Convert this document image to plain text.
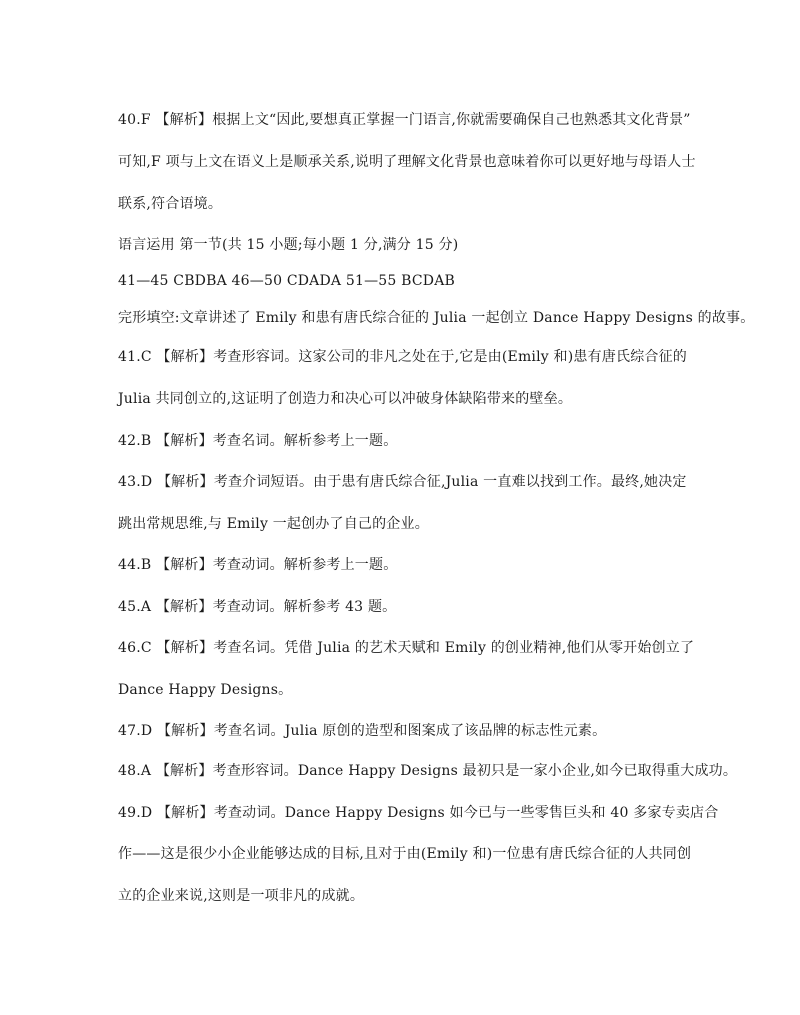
40.F 【解析】根据上文“因此,要想真正掌握一门语言,你就需要确保自己也熟悉其文化背景”
可知,F 项与上文在语义上是顺承关系,说明了理解文化背景也意味着你可以更好地与母语人士
联系,符合语境。
语言运用 第一节(共 15 小题;每小题 1 分,满分 15 分)
41—45 CBDBA 46—50 CDADA 51—55 BCDAB
完形填空:文章讲述了 Emily 和患有唐氏综合征的 Julia 一起创立 Dance Happy Designs 的故事。
41.C 【解析】考查形容词。这家公司的非凡之处在于,它是由(Emily 和)患有唐氏综合征的
Julia 共同创立的,这证明了创造力和决心可以冲破身体缺陷带来的壁垒。
42.B 【解析】考查名词。解析参考上一题。
43.D 【解析】考查介词短语。由于患有唐氏综合征,Julia 一直难以找到工作。最终,她决定
跳出常规思维,与 Emily 一起创办了自己的企业。
44.B 【解析】考查动词。解析参考上一题。
45.A 【解析】考查动词。解析参考 43 题。
46.C 【解析】考查名词。凭借 Julia 的艺术天赋和 Emily 的创业精神,他们从零开始创立了
Dance Happy Designs。
47.D 【解析】考查名词。Julia 原创的造型和图案成了该品牌的标志性元素。
48.A 【解析】考查形容词。Dance Happy Designs 最初只是一家小企业,如今已取得重大成功。
49.D 【解析】考查动词。Dance Happy Designs 如今已与一些零售巨头和 40 多家专卖店合
作——这是很少小企业能够达成的目标,且对于由(Emily 和)一位患有唐氏综合征的人共同创
立的企业来说,这则是一项非凡的成就。
